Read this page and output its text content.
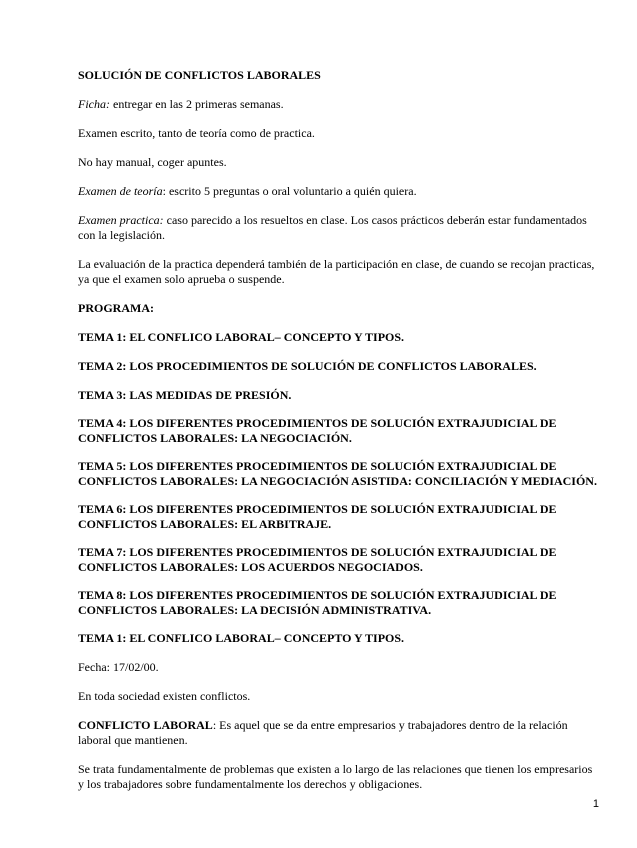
SOLUCIÓN DE CONFLICTOS LABORALES

Ficha: entregar en las 2 primeras semanas.

Examen escrito, tanto de teoría como de practica.

No hay manual, coger apuntes.

Examen de teoría: escrito 5 preguntas o oral voluntario a quién quiera.

Examen practica: caso parecido a los resueltos en clase. Los casos prácticos deberán estar fundamentados con la legislación.

La evaluación de la practica dependerá también de la participación en clase, de cuando se recojan practicas, ya que el examen solo aprueba o suspende.

PROGRAMA:

TEMA 1: EL CONFLICO LABORAL– CONCEPTO Y TIPOS.

TEMA 2: LOS PROCEDIMIENTOS DE SOLUCIÓN DE CONFLICTOS LABORALES.

TEMA 3: LAS MEDIDAS DE PRESIÓN.

TEMA 4: LOS DIFERENTES PROCEDIMIENTOS DE SOLUCIÓN EXTRAJUDICIAL DE CONFLICTOS LABORALES: LA NEGOCIACIÓN.

TEMA 5: LOS DIFERENTES PROCEDIMIENTOS DE SOLUCIÓN EXTRAJUDICIAL DE CONFLICTOS LABORALES: LA NEGOCIACIÓN ASISTIDA: CONCILIACIÓN Y MEDIACIÓN.

TEMA 6: LOS DIFERENTES PROCEDIMIENTOS DE SOLUCIÓN EXTRAJUDICIAL DE CONFLICTOS LABORALES: EL ARBITRAJE.

TEMA 7: LOS DIFERENTES PROCEDIMIENTOS DE SOLUCIÓN EXTRAJUDICIAL DE CONFLICTOS LABORALES: LOS ACUERDOS NEGOCIADOS.

TEMA 8: LOS DIFERENTES PROCEDIMIENTOS DE SOLUCIÓN EXTRAJUDICIAL DE CONFLICTOS LABORALES: LA DECISIÓN ADMINISTRATIVA.

TEMA 1: EL CONFLICO LABORAL– CONCEPTO Y TIPOS.

Fecha: 17/02/00.

En toda sociedad existen conflictos.

CONFLICTO LABORAL: Es aquel que se da entre empresarios y trabajadores dentro de la relación laboral que mantienen.

Se trata fundamentalmente de problemas que existen a lo largo de las relaciones que tienen los empresarios y los trabajadores sobre fundamentalmente los derechos y obligaciones.

1
